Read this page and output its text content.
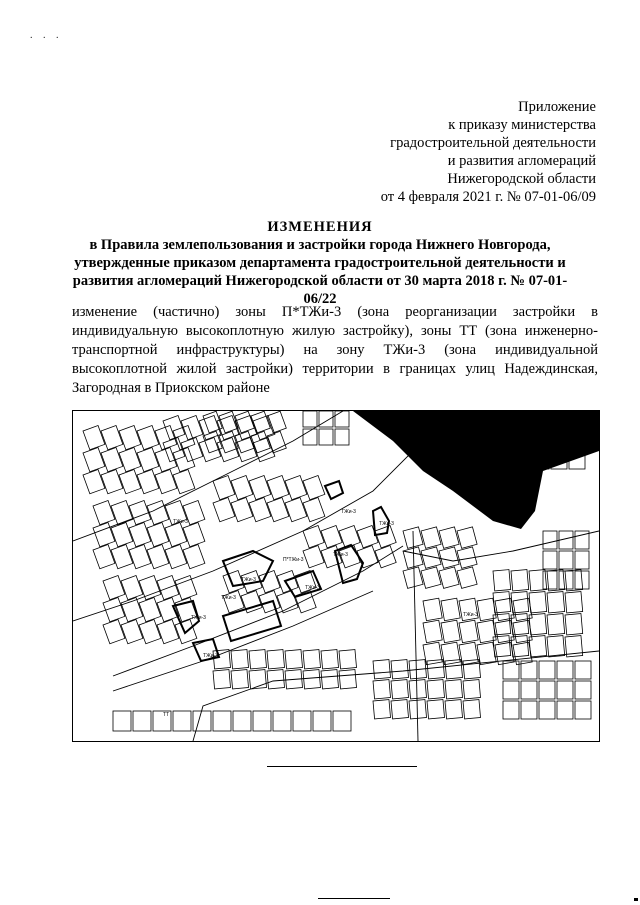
. . .
Приложение
к приказу министерства
градостроительной деятельности
и развития агломераций
Нижегородской области
от 4 февраля 2021 г. № 07-01-06/09
ИЗМЕНЕНИЯ
в Правила землепользования и застройки города Нижнего Новгорода,
утвержденные приказом департамента градостроительной деятельности и
развития агломераций Нижегородской области от 30 марта 2018 г. № 07-01-06/22
изменение (частично) зоны П*ТЖи-3 (зона реорганизации застройки в индивидуальную высокоплотную жилую застройку), зоны ТТ (зона инженерно-транспортной инфраструктуры) на зону ТЖи-3 (зона индивидуальной высокоплотной жилой застройки) территории в границах улиц Надеждинская, Загородная в Приокском районе
ТЖи-3
ТЖи-3
ТЖи-3
П*ТЖи-3
ТЖи-3
ТЖи-3
ТЖи-3
ТЖи-3
ТЖи-3
ТЖи-3
ТЖи-3
ТТ
